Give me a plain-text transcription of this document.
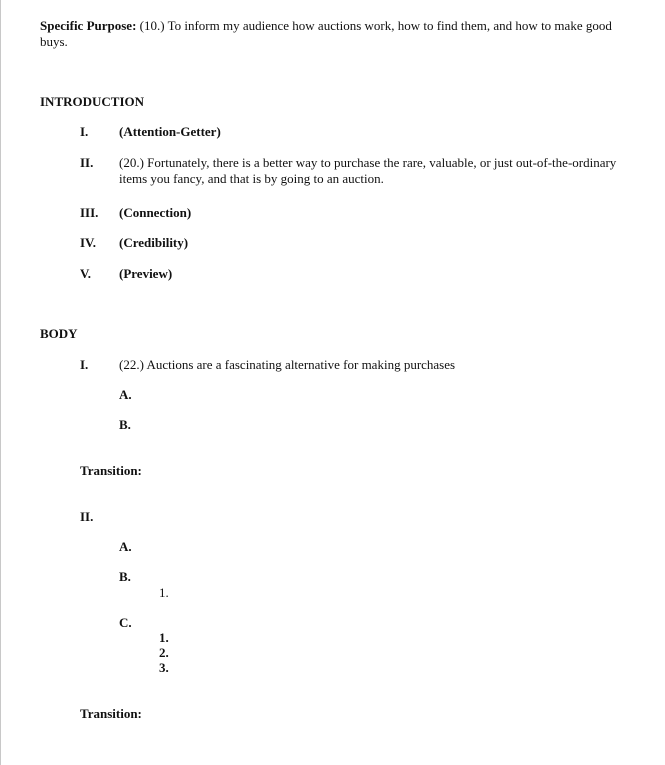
Specific Purpose: (10.) To inform my audience how auctions work, how to find them, and how to make good buys.
INTRODUCTION
I. (Attention-Getter)
II. (20.) Fortunately, there is a better way to purchase the rare, valuable, or just out-of-the-ordinary items you fancy, and that is by going to an auction.
III. (Connection)
IV. (Credibility)
V. (Preview)
BODY
I. (22.) Auctions are a fascinating alternative for making purchases
A.
B.
Transition:
II.
A.
B.
1.
C.
1.
2.
3.
Transition:
